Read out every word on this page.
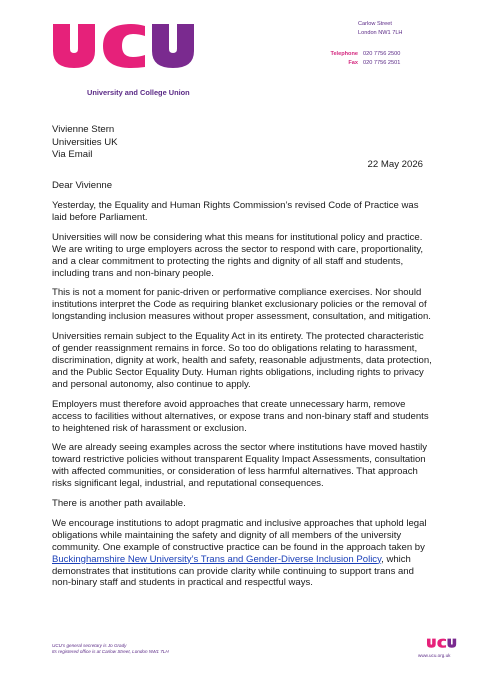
University and College Union
Carlow Street
London NW1 7LH
Telephone 020 7756 2500
Fax 020 7756 2501
Vivienne Stern
Universities UK
Via Email
22 May 2026
Dear Vivienne

Yesterday, the Equality and Human Rights Commission’s revised Code of Practice was laid before Parliament.

Universities will now be considering what this means for institutional policy and practice. We are writing to urge employers across the sector to respond with care, proportionality, and a clear commitment to protecting the rights and dignity of all staff and students, including trans and non-binary people.

This is not a moment for panic-driven or performative compliance exercises. Nor should institutions interpret the Code as requiring blanket exclusionary policies or the removal of longstanding inclusion measures without proper assessment, consultation, and mitigation.

Universities remain subject to the Equality Act in its entirety. The protected characteristic of gender reassignment remains in force. So too do obligations relating to harassment, discrimination, dignity at work, health and safety, reasonable adjustments, data protection, and the Public Sector Equality Duty. Human rights obligations, including rights to privacy and personal autonomy, also continue to apply.

Employers must therefore avoid approaches that create unnecessary harm, remove access to facilities without alternatives, or expose trans and non-binary staff and students to heightened risk of harassment or exclusion.

We are already seeing examples across the sector where institutions have moved hastily toward restrictive policies without transparent Equality Impact Assessments, consultation with affected communities, or consideration of less harmful alternatives. That approach risks significant legal, industrial, and reputational consequences.

There is another path available.

We encourage institutions to adopt pragmatic and inclusive approaches that uphold legal obligations while maintaining the safety and dignity of all members of the university community. One example of constructive practice can be found in the approach taken by Buckinghamshire New University’s Trans and Gender-Diverse Inclusion Policy, which demonstrates that institutions can provide clarity while continuing to support trans and non-binary staff and students in practical and respectful ways.

UCU’s general secretary is Jo Grady
Its registered office is at Carlow Street, London NW1 7LH
www.ucu.org.uk
